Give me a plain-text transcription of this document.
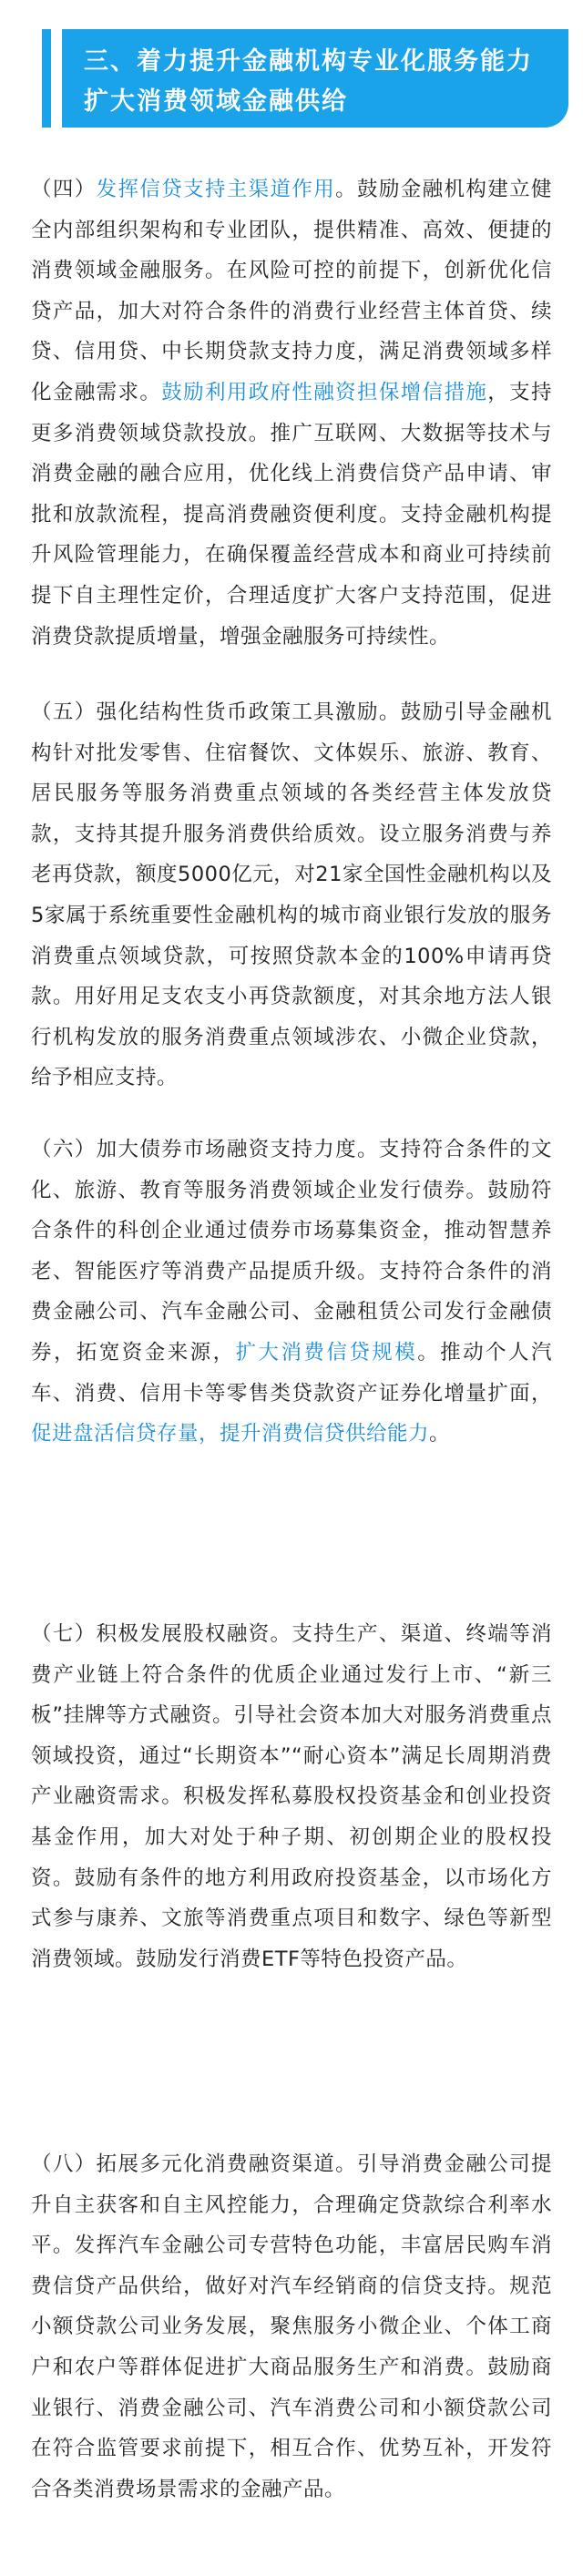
三、着力提升金融机构专业化服务能力
扩大消费领域金融供给
（四）发挥信贷支持主渠道作用。鼓励金融机构建立健全内部组织架构和专业团队，提供精准、高效、便捷的消费领域金融服务。在风险可控的前提下，创新优化信贷产品，加大对符合条件的消费行业经营主体首贷、续贷、信用贷、中长期贷款支持力度，满足消费领域多样化金融需求。鼓励利用政府性融资担保增信措施，支持更多消费领域贷款投放。推广互联网、大数据等技术与消费金融的融合应用，优化线上消费信贷产品申请、审批和放款流程，提高消费融资便利度。支持金融机构提升风险管理能力，在确保覆盖经营成本和商业可持续前提下自主理性定价，合理适度扩大客户支持范围，促进消费贷款提质增量，增强金融服务可持续性。
（五）强化结构性货币政策工具激励。鼓励引导金融机构针对批发零售、住宿餐饮、文体娱乐、旅游、教育、居民服务等服务消费重点领域的各类经营主体发放贷款，支持其提升服务消费供给质效。设立服务消费与养老再贷款，额度5000亿元，对21家全国性金融机构以及5家属于系统重要性金融机构的城市商业银行发放的服务消费重点领域贷款，可按照贷款本金的100%申请再贷款。用好用足支农支小再贷款额度，对其余地方法人银行机构发放的服务消费重点领域涉农、小微企业贷款，给予相应支持。
（六）加大债券市场融资支持力度。支持符合条件的文化、旅游、教育等服务消费领域企业发行债券。鼓励符合条件的科创企业通过债券市场募集资金，推动智慧养老、智能医疗等消费产品提质升级。支持符合条件的消费金融公司、汽车金融公司、金融租赁公司发行金融债券，拓宽资金来源，扩大消费信贷规模。推动个人汽车、消费、信用卡等零售类贷款资产证券化增量扩面，促进盘活信贷存量，提升消费信贷供给能力。
（七）积极发展股权融资。支持生产、渠道、终端等消费产业链上符合条件的优质企业通过发行上市、“新三板”挂牌等方式融资。引导社会资本加大对服务消费重点领域投资，通过“长期资本”“耐心资本”满足长周期消费产业融资需求。积极发挥私募股权投资基金和创业投资基金作用，加大对处于种子期、初创期企业的股权投资。鼓励有条件的地方利用政府投资基金，以市场化方式参与康养、文旅等消费重点项目和数字、绿色等新型消费领域。鼓励发行消费ETF等特色投资产品。
（八）拓展多元化消费融资渠道。引导消费金融公司提升自主获客和自主风控能力，合理确定贷款综合利率水平。发挥汽车金融公司专营特色功能，丰富居民购车消费信贷产品供给，做好对汽车经销商的信贷支持。规范小额贷款公司业务发展，聚焦服务小微企业、个体工商户和农户等群体促进扩大商品服务生产和消费。鼓励商业银行、消费金融公司、汽车消费公司和小额贷款公司在符合监管要求前提下，相互合作、优势互补，开发符合各类消费场景需求的金融产品。
